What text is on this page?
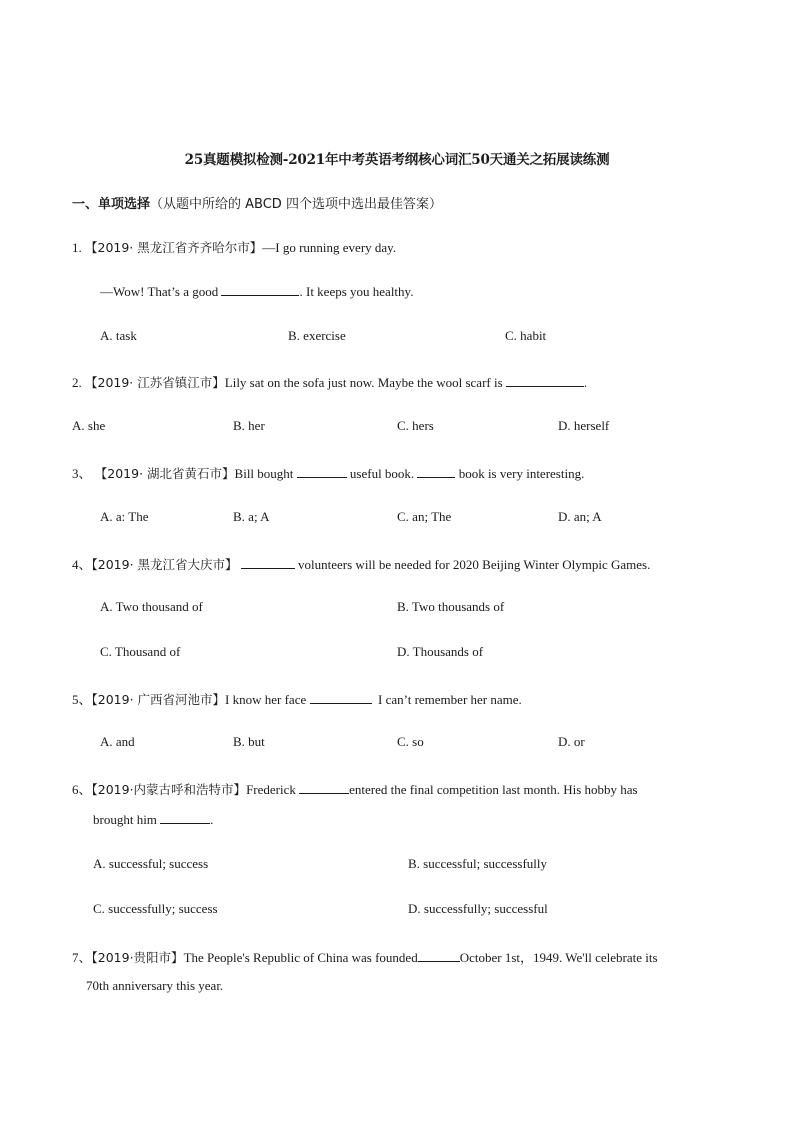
25真题模拟检测-2021年中考英语考纲核心词汇50天通关之拓展读练测
一、单项选择（从题中所给的 ABCD 四个选项中选出最佳答案）
1. 【2019· 黑龙江省齐齐哈尔市】—I go running every day.
—Wow! That’s a good	. It keeps you healthy.
A. task	B. exercise	C. habit
2. 【2019· 江苏省镇江市】Lily sat on the sofa just now. Maybe the wool scarf is	.
A. she	B. her	C. hers	D. herself
3、 【2019· 湖北省黄石市】Bill bought	useful book.	book is very interesting.
A. a: The	B. a; A	C. an; The	D. an; A
4、【2019· 黑龙江省大庆市】	volunteers will be needed for 2020 Beijing Winter Olympic Games.
A. Two thousand of	B. Two thousands of
C. Thousand of	D. Thousands of
5、【2019· 广西省河池市】I know her face	I can’t remember her name.
A. and	B. but	C. so	D. or
6、【2019·内蒙古呼和浩特市】Frederick	entered the final competition last month. His hobby has
brought him	.
A. successful; success	B. successful; successfully
C. successfully; success	D. successfully; successful
7、【2019·贵阳市】The People's Republic of China was founded	October 1st，1949. We'll celebrate its
70th anniversary this year.
